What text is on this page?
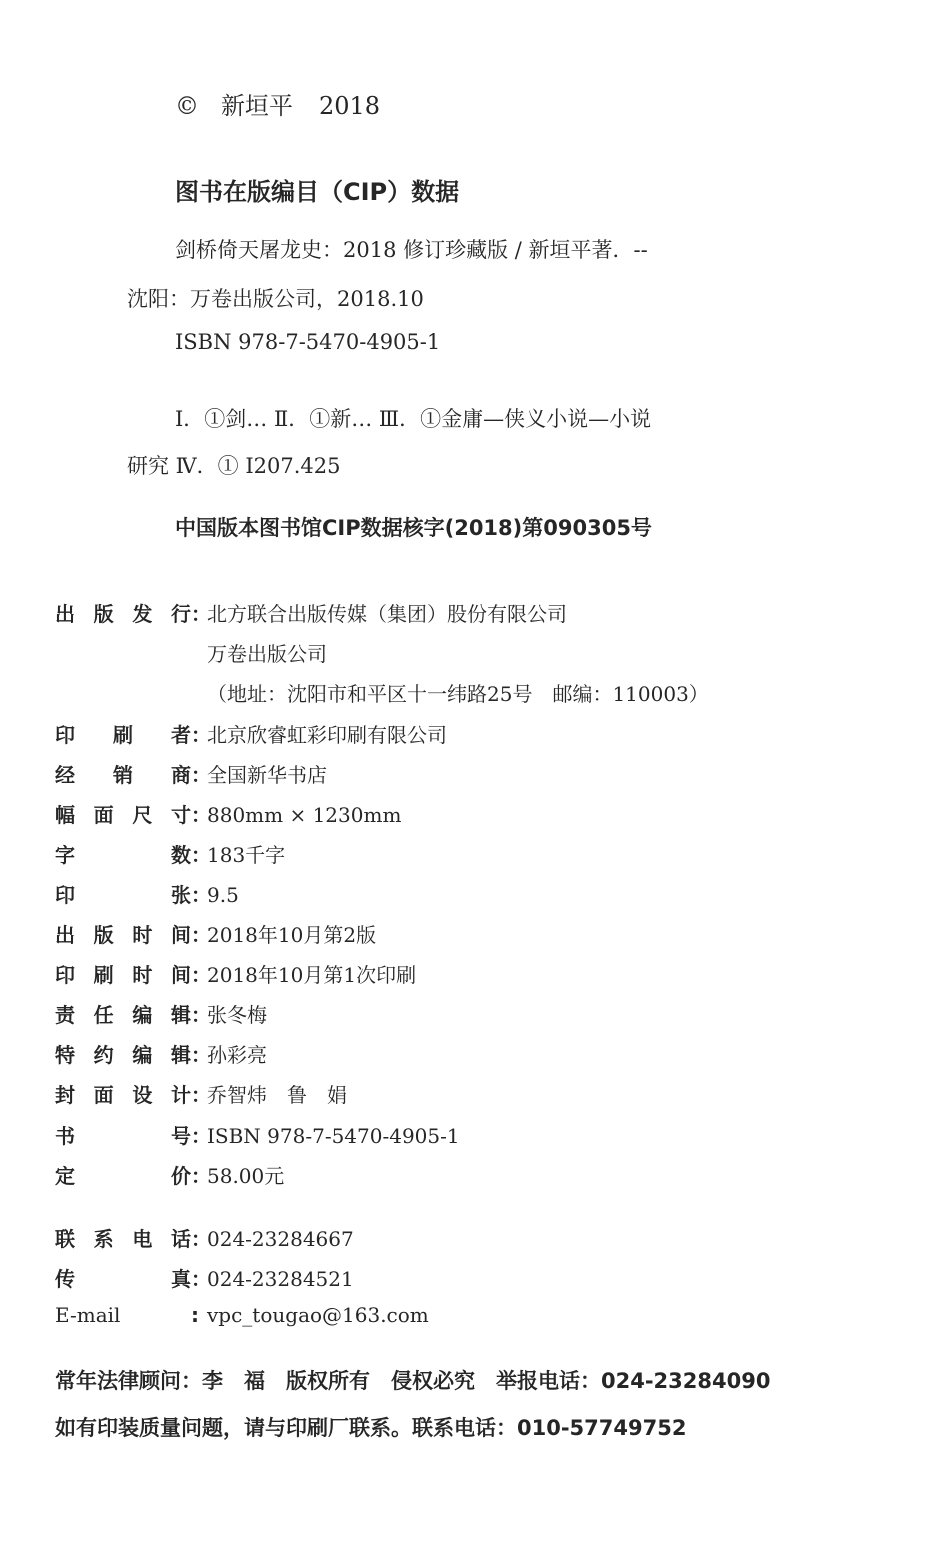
© 新垣平 2018
图书在版编目（CIP）数据
剑桥倚天屠龙史：2018 修订珍藏版 / 新垣平著．--
沈阳：万卷出版公司，2018.10
ISBN 978-7-5470-4905-1
Ⅰ．①剑… Ⅱ．①新… Ⅲ．①金庸—侠义小说—小说
研究 Ⅳ．① I207.425
中国版本图书馆CIP数据核字(2018)第090305号
出版发行：北方联合出版传媒（集团）股份有限公司
万卷出版公司
（地址：沈阳市和平区十一纬路25号　邮编：110003）
印刷者：北京欣睿虹彩印刷有限公司
经销商：全国新华书店
幅面尺寸：880mm × 1230mm
字数：183千字
印张：9.5
出版时间：2018年10月第2版
印刷时间：2018年10月第1次印刷
责任编辑：张冬梅
特约编辑：孙彩亮
封面设计：乔智炜　鲁　娟
书号：ISBN 978-7-5470-4905-1
定价：58.00元
联系电话：024-23284667
传真：024-23284521
E-mail	: vpc_tougao@163.com
常年法律顾问：李　福　版权所有　侵权必究　举报电话：024-23284090
如有印装质量问题，请与印刷厂联系。联系电话：010-57749752
